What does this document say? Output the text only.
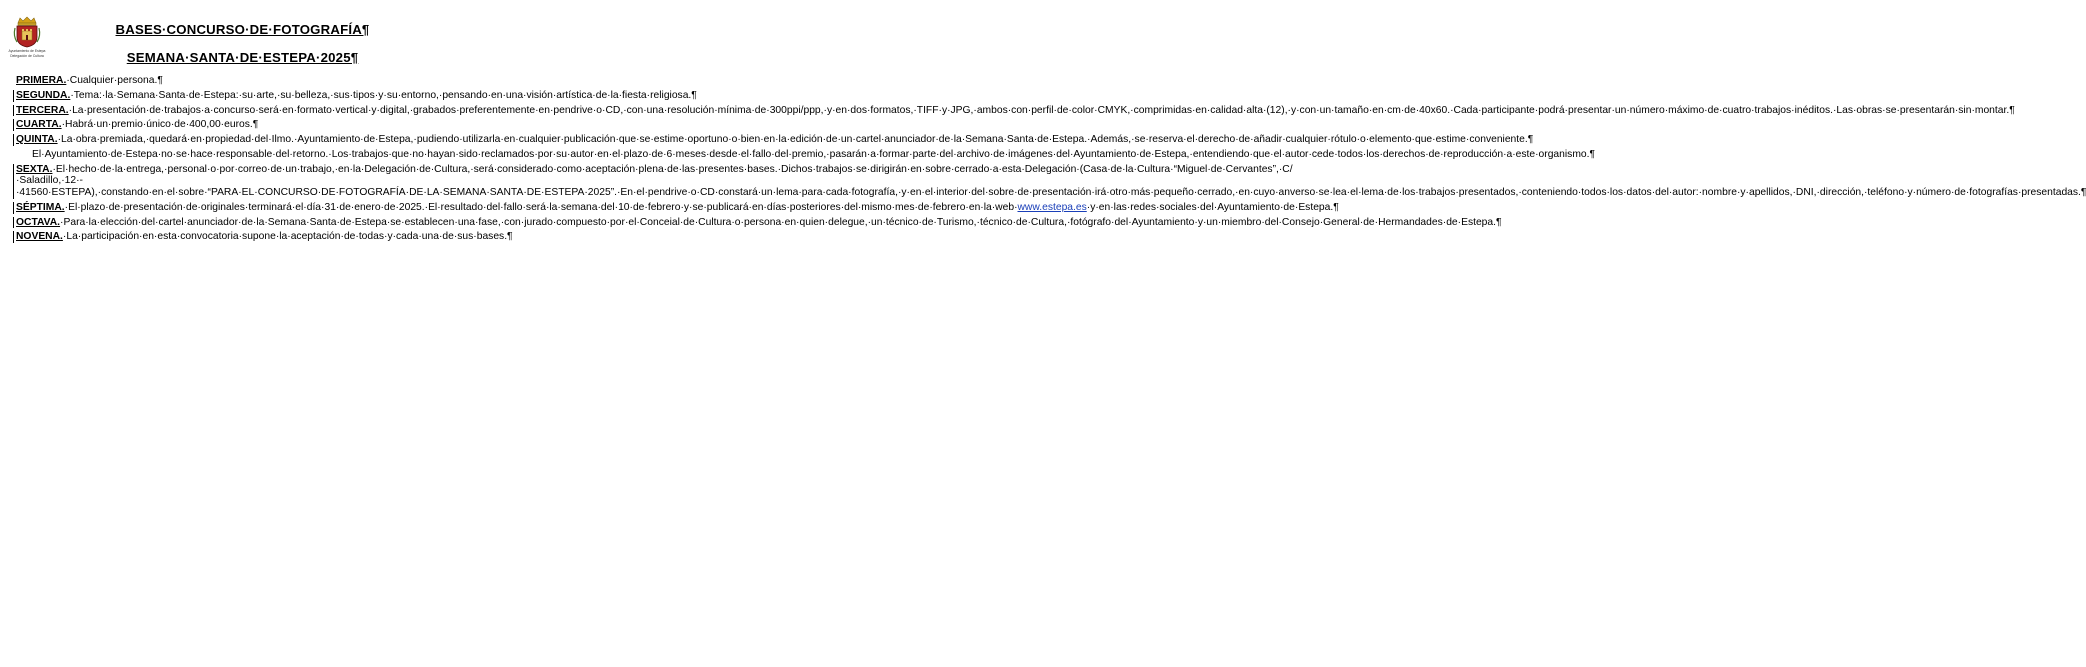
Ayuntamiento de Estepa
Delegación de Cultura
BASES·CONCURSO·DE·FOTOGRAFÍA¶
SEMANA·SANTA·DE·ESTEPA·2025¶

PRIMERA.·Cualquier·persona.¶

SEGUNDA.·Tema:·la·Semana·Santa·de·Estepa:·su·arte,·su·belleza,·sus·tipos·y·su·entorno,·pensando·en·una·visión·artística·de·la·fiesta·religiosa.¶

TERCERA.·La·presentación·de·trabajos·a·concurso·será·en·formato·vertical·y·digital,·grabados·preferentemente·en·pendrive·o·CD,·con·una·resolución·mínima·de·300ppi/ppp,·y·en·dos·formatos,·TIFF·y·JPG,·ambos·con·perfil·de·color·CMYK,·comprimidas·en·calidad·alta·(12),·y·con·un·tamaño·en·cm·de·40x60.·Cada·participante·podrá·presentar·un·número·máximo·de·cuatro·trabajos·inéditos.·Las·obras·se·presentarán·sin·montar.¶

CUARTA.·Habrá·un·premio·único·de·400,00·euros.¶

QUINTA.·La·obra·premiada,·quedará·en·propiedad·del·Ilmo.·Ayuntamiento·de·Estepa,·pudiendo·utilizarla·en·cualquier·publicación·que·se·estime·oportuno·o·bien·en·la·edición·de·un·cartel·anunciador·de·la·Semana·Santa·de·Estepa.·Además,·se·reserva·el·derecho·de·añadir·cualquier·rótulo·o·elemento·que·estime·conveniente.¶

El·Ayuntamiento·de·Estepa·no·se·hace·responsable·del·retorno.·Los·trabajos·que·no·hayan·sido·reclamados·por·su·autor·en·el·plazo·de·6·meses·desde·el·fallo·del·premio,·pasarán·a·formar·parte·del·archivo·de·imágenes·del·Ayuntamiento·de·Estepa,·entendiendo·que·el·autor·cede·todos·los·derechos·de·reproducción·a·este·organismo.¶

SEXTA.·El·hecho·de·la·entrega,·personal·o·por·correo·de·un·trabajo,·en·la·Delegación·de·Cultura,·será·considerado·como·aceptación·plena·de·las·presentes·bases.·Dichos·trabajos·se·dirigirán·en·sobre·cerrado·a·esta·Delegación·(Casa·de·la·Cultura·“Miguel·de·Cervantes”,·C/·Saladillo,·12·-·41560·ESTEPA),·constando·en·el·sobre·“PARA·EL·CONCURSO·DE·FOTOGRAFÍA·DE·LA·SEMANA·SANTA·DE·ESTEPA·2025”.·En·el·pendrive·o·CD·constará·un·lema·para·cada·fotografía,·y·en·el·interior·del·sobre·de·presentación·irá·otro·más·pequeño·cerrado,·en·cuyo·anverso·se·lea·el·lema·de·los·trabajos·presentados,·conteniendo·todos·los·datos·del·autor:·nombre·y·apellidos,·DNI,·dirección,·teléfono·y·número·de·fotografías·presentadas.¶

SÉPTIMA.·El·plazo·de·presentación·de·originales·terminará·el·día·31·de·enero·de·2025.·El·resultado·del·fallo·será·la·semana·del·10·de·febrero·y·se·publicará·en·días·posteriores·del·mismo·mes·de·febrero·en·la·web·www.estepa.es·y·en·las·redes·sociales·del·Ayuntamiento·de·Estepa.¶

OCTAVA.·Para·la·elección·del·cartel·anunciador·de·la·Semana·Santa·de·Estepa·se·establecen·una·fase,·con·jurado·compuesto·por·el·Conceial·de·Cultura·o·persona·en·quien·delegue,·un·técnico·de·Turismo,·técnico·de·Cultura,·fotógrafo·del·Ayuntamiento·y·un·miembro·del·Consejo·General·de·Hermandades·de·Estepa.¶

NOVENA.·La·participación·en·esta·convocatoria·supone·la·aceptación·de·todas·y·cada·una·de·sus·bases.¶
